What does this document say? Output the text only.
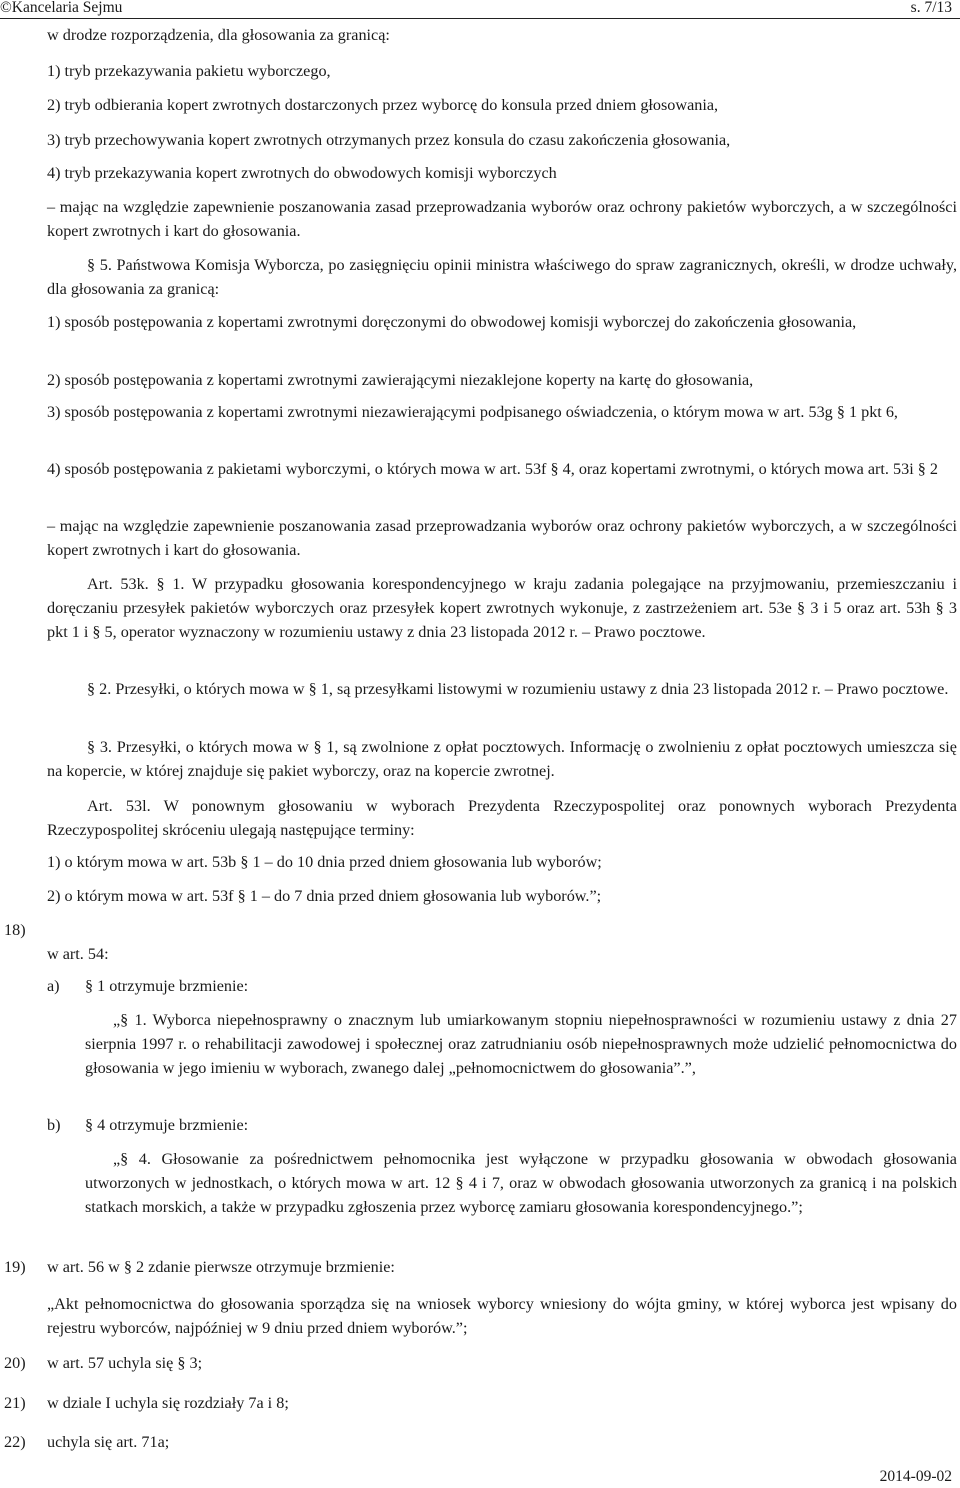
©Kancelaria Sejmu	s. 7/13
w drodze rozporządzenia, dla głosowania za granicą:
1) tryb przekazywania pakietu wyborczego,
2) tryb odbierania kopert zwrotnych dostarczonych przez wyborcę do konsula przed dniem głosowania,
3) tryb przechowywania kopert zwrotnych otrzymanych przez konsula do czasu zakończenia głosowania,
4) tryb przekazywania kopert zwrotnych do obwodowych komisji wyborczych
– mając na względzie zapewnienie poszanowania zasad przeprowadzania wyborów oraz ochrony pakietów wyborczych, a w szczególności kopert zwrotnych i kart do głosowania.
§ 5. Państwowa Komisja Wyborcza, po zasięgnięciu opinii ministra właściwego do spraw zagranicznych, określi, w drodze uchwały, dla głosowania za granicą:
1) sposób postępowania z kopertami zwrotnymi doręczonymi do obwodowej komisji wyborczej do zakończenia głosowania,
2) sposób postępowania z kopertami zwrotnymi zawierającymi niezaklejone koperty na kartę do głosowania,
3) sposób postępowania z kopertami zwrotnymi niezawierającymi podpisanego oświadczenia, o którym mowa w art. 53g § 1 pkt 6,
4) sposób postępowania z pakietami wyborczymi, o których mowa w art. 53f § 4, oraz kopertami zwrotnymi, o których mowa art. 53i § 2
– mając na względzie zapewnienie poszanowania zasad przeprowadzania wyborów oraz ochrony pakietów wyborczych, a w szczególności kopert zwrotnych i kart do głosowania.
Art. 53k. § 1. W przypadku głosowania korespondencyjnego w kraju zadania polegające na przyjmowaniu, przemieszczaniu i doręczaniu przesyłek pakietów wyborczych oraz przesyłek kopert zwrotnych wykonuje, z zastrzeżeniem art. 53e § 3 i 5 oraz art. 53h § 3 pkt 1 i § 5, operator wyznaczony w rozumieniu ustawy z dnia 23 listopada 2012 r. – Prawo pocztowe.
§ 2. Przesyłki, o których mowa w § 1, są przesyłkami listowymi w rozumieniu ustawy z dnia 23 listopada 2012 r. – Prawo pocztowe.
§ 3. Przesyłki, o których mowa w § 1, są zwolnione z opłat pocztowych. Informację o zwolnieniu z opłat pocztowych umieszcza się na kopercie, w której znajduje się pakiet wyborczy, oraz na kopercie zwrotnej.
Art. 53l. W ponownym głosowaniu w wyborach Prezydenta Rzeczypospolitej oraz ponownych wyborach Prezydenta Rzeczypospolitej skróceniu ulegają następujące terminy:
1) o którym mowa w art. 53b § 1 – do 10 dnia przed dniem głosowania lub wyborów;
2) o którym mowa w art. 53f § 1 – do 7 dnia przed dniem głosowania lub wyborów.”;
18)
w art. 54:
a) § 1 otrzymuje brzmienie:
„§ 1. Wyborca niepełnosprawny o znacznym lub umiarkowanym stopniu niepełnosprawności w rozumieniu ustawy z dnia 27 sierpnia 1997 r. o rehabilitacji zawodowej i społecznej oraz zatrudnianiu osób niepełnosprawnych może udzielić pełnomocnictwa do głosowania w jego imieniu w wyborach, zwanego dalej „pełnomocnictwem do głosowania”.”,
b) § 4 otrzymuje brzmienie:
„§ 4. Głosowanie za pośrednictwem pełnomocnika jest wyłączone w przypadku głosowania w obwodach głosowania utworzonych w jednostkach, o których mowa w art. 12 § 4 i 7, oraz w obwodach głosowania utworzonych za granicą i na polskich statkach morskich, a także w przypadku zgłoszenia przez wyborcę zamiaru głosowania korespondencyjnego.”;
19) w art. 56 w § 2 zdanie pierwsze otrzymuje brzmienie:
„Akt pełnomocnictwa do głosowania sporządza się na wniosek wyborcy wniesiony do wójta gminy, w której wyborca jest wpisany do rejestru wyborców, najpóźniej w 9 dniu przed dniem wyborów.”;
20) w art. 57 uchyla się § 3;
21) w dziale I uchyla się rozdziały 7a i 8;
22) uchyla się art. 71a;
2014-09-02
